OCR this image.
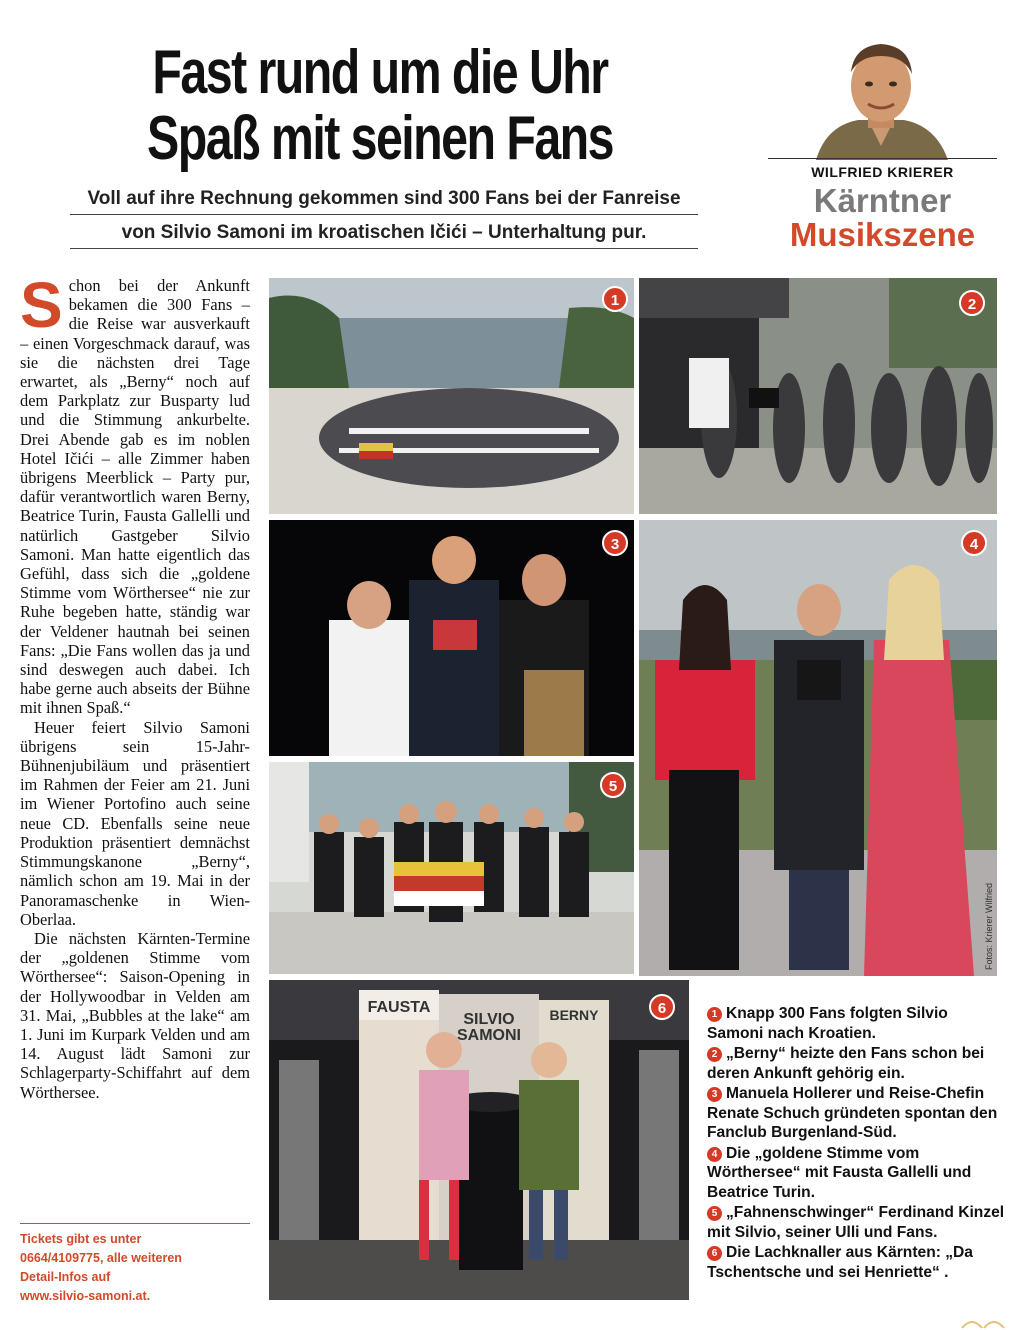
Fast rund um die Uhr
Spaß mit seinen Fans
Voll auf ihre Rechnung gekommen sind 300 Fans bei der Fanreise
von Silvio Samoni im kroatischen Ičići – Unterhaltung pur.
WILFRIED KRIERER
Kärntner
Musikszene

Schon bei der Ankunft bekamen die 300 Fans – die Reise war ausverkauft – einen Vorgeschmack darauf, was sie die nächsten drei Tage erwartet, als „Berny“ noch auf dem Parkplatz zur Busparty lud und die Stimmung ankurbelte. Drei Abende gab es im noblen Hotel Ičići – alle Zimmer haben übrigens Meerblick – Party pur, dafür verantwortlich waren Berny, Beatrice Turin, Fausta Gallelli und natürlich Gastgeber Silvio Samoni. Man hatte eigentlich das Gefühl, dass sich die „goldene Stimme vom Wörthersee“ nie zur Ruhe begeben hatte, ständig war der Veldener hautnah bei seinen Fans: „Die Fans wollen das ja und sind deswegen auch dabei. Ich habe gerne auch abseits der Bühne mit ihnen Spaß.“

Heuer feiert Silvio Samoni übrigens sein 15-Jahr-Bühnenjubiläum und präsentiert im Rahmen der Feier am 21. Juni im Wiener Portofino auch seine neue CD. Ebenfalls seine neue Produktion präsentiert demnächst Stimmungskanone „Berny“, nämlich schon am 19. Mai in der Panoramaschenke in Wien-Oberlaa.

Die nächsten Kärnten-Termine der „goldenen Stimme vom Wörthersee“: Saison-Opening in der Hollywoodbar in Velden am 31. Mai, „Bubbles at the lake“ am 1. Juni im Kurpark Velden und am 14. August lädt Samoni zur Schlagerparty-Schiffahrt auf dem Wörthersee.

Tickets gibt es unter
0664/4109775, alle weiteren
Detail-Infos auf
www.silvio-samoni.at.
1	2
3	4
5
FAUSTA
SILVIO SAMONI
BERNY	6
Fotos: Krierer Wilfried
1 Knapp 300 Fans folgten Silvio Samoni nach Kroatien.
2 „Berny“ heizte den Fans schon bei deren Ankunft gehörig ein.
3 Manuela Hollerer und Reise-Chefin Renate Schuch gründeten spontan den Fanclub Burgenland-Süd.
4 Die „goldene Stimme vom Wörthersee“ mit Fausta Gallelli und Beatrice Turin.
5 „Fahnenschwinger“ Ferdinand Kinzel mit Silvio, seiner Ulli und Fans.
6 Die Lachknaller aus Kärnten: „Da Tschentsche und sei Henriette“ .
